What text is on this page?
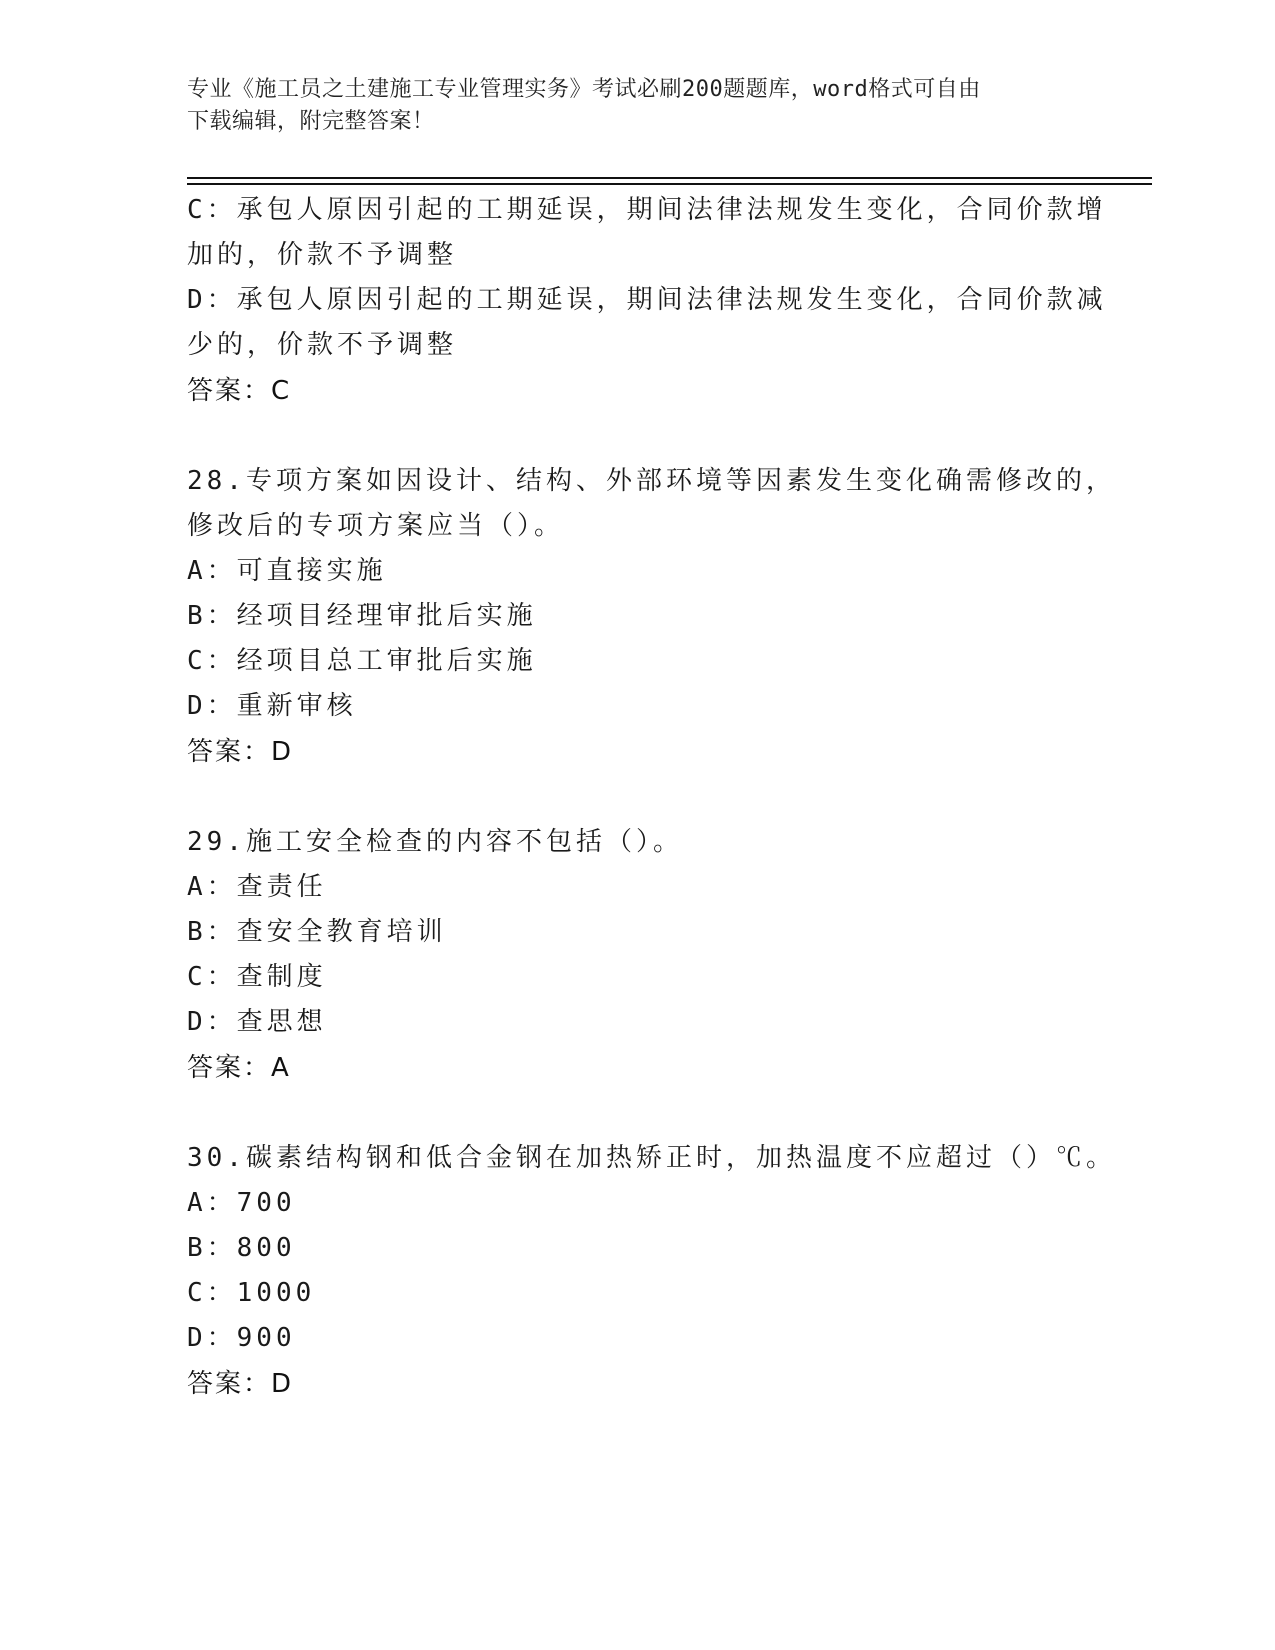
专业《施工员之土建施工专业管理实务》考试必刷200题题库，word格式可自由
下载编辑，附完整答案！
C：承包人原因引起的工期延误，期间法律法规发生变化，合同价款增
加的，价款不予调整
D：承包人原因引起的工期延误，期间法律法规发生变化，合同价款减
少的，价款不予调整
答案：C
28.专项方案如因设计、结构、外部环境等因素发生变化确需修改的，
修改后的专项方案应当（）。
A：可直接实施
B：经项目经理审批后实施
C：经项目总工审批后实施
D：重新审核
答案：D
29.施工安全检查的内容不包括（）。
A：查责任
B：查安全教育培训
C：查制度
D：查思想
答案：A
30.碳素结构钢和低合金钢在加热矫正时，加热温度不应超过（）℃。
A：700
B：800
C：1000
D：900
答案：D
